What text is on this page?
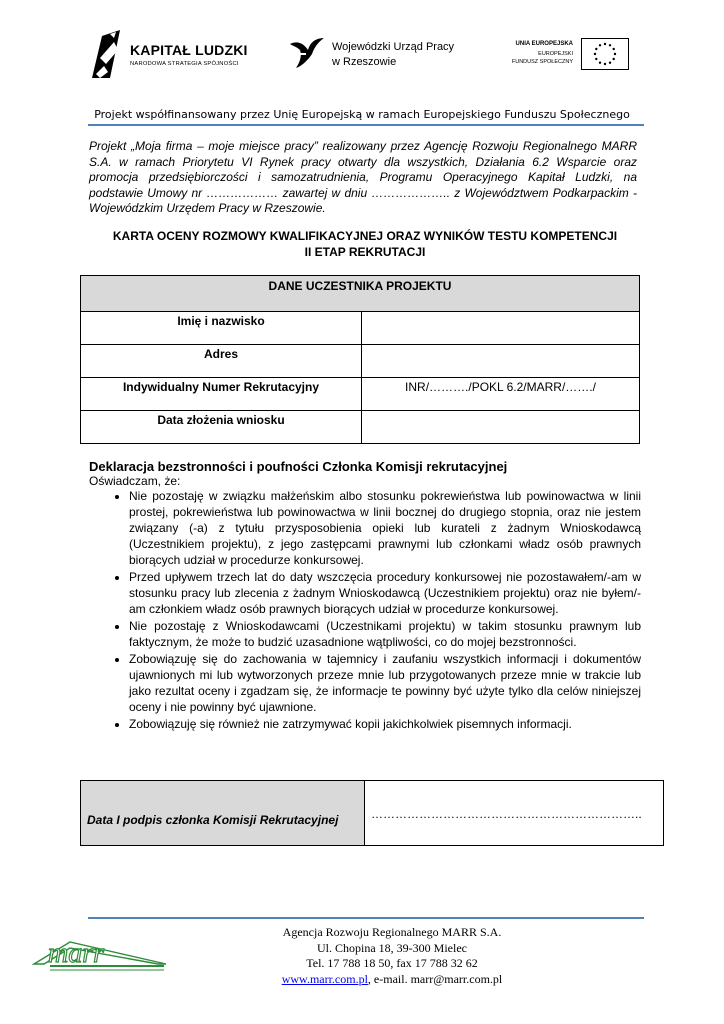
KAPITAŁ LUDZKI
NARODOWA STRATEGIA SPÓJNOŚCI
Wojewódzki Urząd Pracy
w Rzeszowie
UNIA EUROPEJSKA
EUROPEJSKI
FUNDUSZ SPOŁECZNY
Projekt współfinansowany przez Unię Europejską w ramach Europejskiego Funduszu Społecznego
Projekt „Moja firma – moje miejsce pracy” realizowany przez Agencję Rozwoju Regionalnego MARR S.A. w ramach Priorytetu VI Rynek pracy otwarty dla wszystkich, Działania 6.2 Wsparcie oraz promocja przedsiębiorczości i samozatrudnienia, Programu Operacyjnego Kapitał Ludzki, na podstawie Umowy nr ……………… zawartej w dniu ……………….. z Województwem Podkarpackim - Wojewódzkim Urzędem Pracy w Rzeszowie.
KARTA OCENY ROZMOWY KWALIFIKACYJNEJ ORAZ WYNIKÓW TESTU KOMPETENCJI
II ETAP REKRUTACJI
DANE UCZESTNIKA PROJEKTU	
Imię i nazwisko	
Adres	
Indywidualny Numer Rekrutacyjny	INR/………./POKL 6.2/MARR/……./
Data złożenia wniosku	
Deklaracja bezstronności i poufności Członka Komisji rekrutacyjnej
Oświadczam, że:
• Nie pozostaję w związku małżeńskim albo stosunku pokrewieństwa lub powinowactwa w linii prostej, pokrewieństwa lub powinowactwa w linii bocznej do drugiego stopnia, oraz nie jestem związany (-a) z tytułu przysposobienia opieki lub kurateli z żadnym Wnioskodawcą (Uczestnikiem projektu), z jego zastępcami prawnymi lub członkami władz osób prawnych biorących udział w procedurze konkursowej.
• Przed upływem trzech lat do daty wszczęcia procedury konkursowej nie pozostawałem/-am w stosunku pracy lub zlecenia z żadnym Wnioskodawcą (Uczestnikiem projektu) oraz nie byłem/-am członkiem władz osób prawnych biorących udział w procedurze konkursowej.
• Nie pozostaję z Wnioskodawcami (Uczestnikami projektu) w takim stosunku prawnym lub faktycznym, że może to budzić uzasadnione wątpliwości, co do mojej bezstronności.
• Zobowiązuję się do zachowania w tajemnicy i zaufaniu wszystkich informacji i dokumentów ujawnionych mi lub wytworzonych przeze mnie lub przygotowanych przeze mnie w trakcie lub jako rezultat oceny i zgadzam się, że informacje te powinny być użyte tylko dla celów niniejszej oceny i nie powinny być ujawnione.
• Zobowiązuję się również nie zatrzymywać kopii jakichkolwiek pisemnych informacji.
Data I podpis członka Komisji Rekrutacyjnej	…………………………………………………………..
marr
Agencja Rozwoju Regionalnego MARR S.A.
Ul. Chopina 18, 39-300 Mielec
Tel. 17 788 18 50, fax 17 788 32 62
www.marr.com.pl, e-mail. marr@marr.com.pl
